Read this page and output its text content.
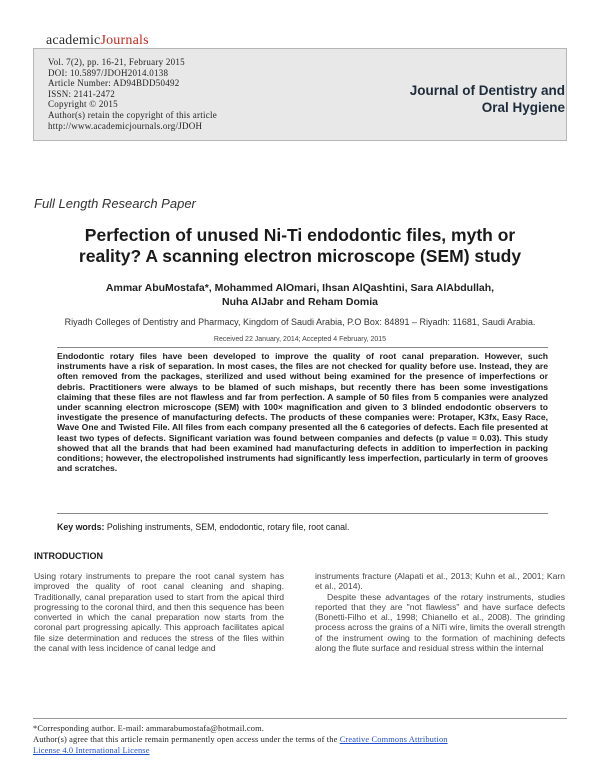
academicJournals
Vol. 7(2), pp. 16-21, February 2015
DOI: 10.5897/JDOH2014.0138
Article Number: AD94BDD50492
ISSN: 2141-2472
Copyright © 2015
Author(s) retain the copyright of this article
http://www.academicjournals.org/JDOH
Journal of Dentistry and
Oral Hygiene
Full Length Research Paper
Perfection of unused Ni-Ti endodontic files, myth or
reality? A scanning electron microscope (SEM) study
Ammar AbuMostafa*, Mohammed AlOmari, Ihsan AlQashtini, Sara AlAbdullah,
Nuha AlJabr and Reham Domia
Riyadh Colleges of Dentistry and Pharmacy, Kingdom of Saudi Arabia, P.O Box: 84891 – Riyadh: 11681, Saudi Arabia.
Received 22 January, 2014; Accepted 4 February, 2015
Endodontic rotary files have been developed to improve the quality of root canal preparation. However, such instruments have a risk of separation. In most cases, the files are not checked for quality before use. Instead, they are often removed from the packages, sterilized and used without being examined for the presence of imperfections or debris. Practitioners were always to be blamed of such mishaps, but recently there has been some investigations claiming that these files are not flawless and far from perfection. A sample of 50 files from 5 companies were analyzed under scanning electron microscope (SEM) with 100× magnification and given to 3 blinded endodontic observers to investigate the presence of manufacturing defects. The products of these companies were: Protaper, K3fx, Easy Race, Wave One and Twisted File. All files from each company presented all the 6 categories of defects. Each file presented at least two types of defects. Significant variation was found between companies and defects (p value = 0.03). This study showed that all the brands that had been examined had manufacturing defects in addition to imperfection in packing conditions; however, the electropolished instruments had significantly less imperfection, particularly in term of grooves and scratches.
Key words: Polishing instruments, SEM, endodontic, rotary file, root canal.
INTRODUCTION
Using rotary instruments to prepare the root canal system has improved the quality of root canal cleaning and shaping. Traditionally, canal preparation used to start from the apical third progressing to the coronal third, and then this sequence has been converted in which the canal preparation now starts from the coronal part progressing apically. This approach facilitates apical file size determination and reduces the stress of the files within the canal with less incidence of canal ledge and

instruments fracture (Alapati et al., 2013; Kuhn et al., 2001; Karn et al., 2014).

Despite these advantages of the rotary instruments, studies reported that they are "not flawless" and have surface defects (Bonetti-Filho et al., 1998; Chianello et al., 2008). The grinding process across the grains of a NiTi wire, limits the overall strength of the instrument owing to the formation of machining defects along the flute surface and residual stress within the internal

*Corresponding author. E-mail: ammarabumostafa@hotmail.com.
Author(s) agree that this article remain permanently open access under the terms of the Creative Commons Attribution
License 4.0 International License
